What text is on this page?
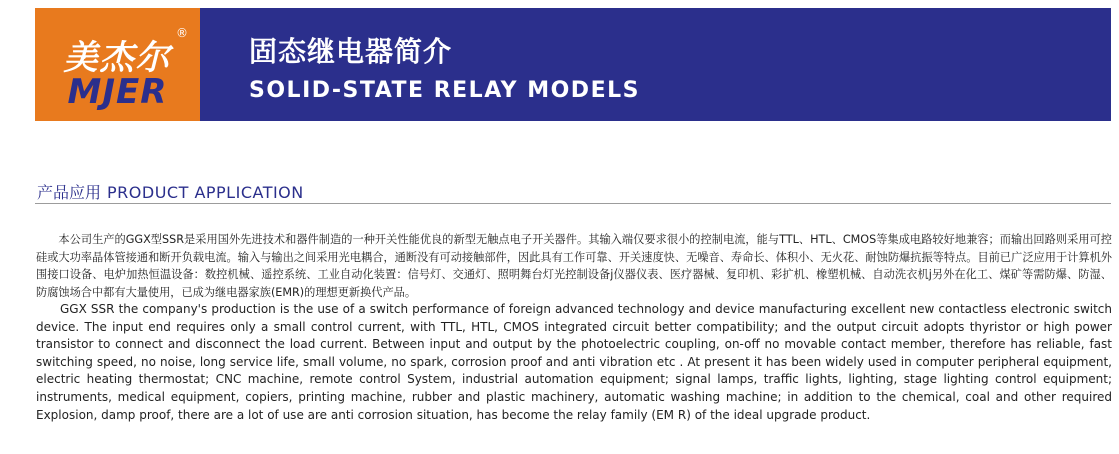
美杰尔
®
MJER
固态继电器简介
SOLID-STATE RELAY MODELS
产品应用 PRODUCT APPLICATION

本公司生产的GGX型SSR是采用国外先进技术和器件制造的一种开关性能优良的新型无触点电子开关器件。其输入端仅要求很小的控制电流，能与TTL、HTL、CMOS等集成电路较好地兼容；而输出回路则采用可控硅或大功率晶体管接通和断开负载电流。输入与输出之间采用光电耦合，通断没有可动接触部件，因此具有工作可靠、开关速度快、无噪音、寿命长、体积小、无火花、耐蚀防爆抗振等特点。目前已广泛应用于计算机外围接口设备、电炉加热恒温设备：数控机械、遥控系统、工业自动化装置：信号灯、交通灯、照明舞台灯光控制设备j仪器仪表、医疗器械、复印机、彩扩机、橡塑机械、自动洗衣机j另外在化工、煤矿等需防爆、防湿、防腐蚀场合中都有大量使用，已成为继电器家族(EMR)的理想更新换代产品。

GGX SSR the company's production is the use of a switch performance of foreign advanced technology and device manufacturing excellent new contactless electronic switch device. The input end requires only a small control current, with TTL, HTL, CMOS integrated circuit better compatibility; and the output circuit adopts thyristor or high power transistor to connect and disconnect the load current. Between input and output by the photoelectric coupling, on-off no movable contact member, therefore has reliable, fast switching speed, no noise, long service life, small volume, no spark, corrosion proof and anti vibration etc . At present it has been widely used in computer peripheral equipment, electric heating thermostat; CNC machine, remote control System, industrial automation equipment; signal lamps, traffic lights, lighting, stage lighting control equipment; instruments, medical equipment, copiers, printing machine, rubber and plastic machinery, automatic washing machine; in addition to the chemical, coal and other required Explosion, damp proof, there are a lot of use are anti corrosion situation, has become the relay family (EM R) of the ideal upgrade product.
